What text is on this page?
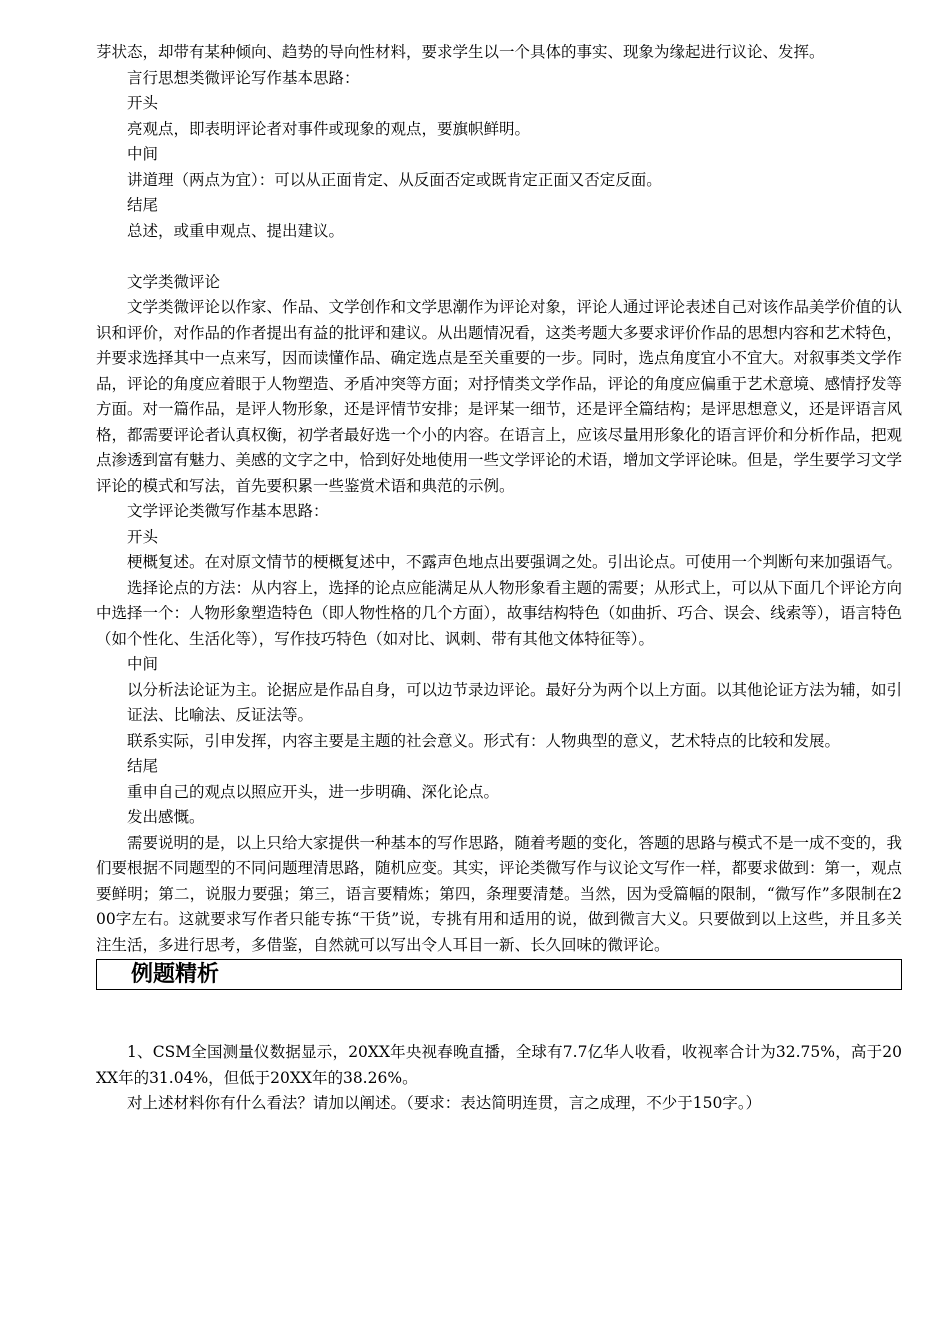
芽状态，却带有某种倾向、趋势的导向性材料，要求学生以一个具体的事实、现象为缘起进行议论、发挥。

言行思想类微评论写作基本思路：

开头

亮观点，即表明评论者对事件或现象的观点，要旗帜鲜明。

中间

讲道理（两点为宜）：可以从正面肯定、从反面否定或既肯定正面又否定反面。

结尾

总述，或重申观点、提出建议。

文学类微评论

文学类微评论以作家、作品、文学创作和文学思潮作为评论对象，评论人通过评论表述自己对该作品美学价值的认识和评价，对作品的作者提出有益的批评和建议。从出题情况看，这类考题大多要求评价作品的思想内容和艺术特色，并要求选择其中一点来写，因而读懂作品、确定选点是至关重要的一步。同时，选点角度宜小不宜大。对叙事类文学作品，评论的角度应着眼于人物塑造、矛盾冲突等方面；对抒情类文学作品，评论的角度应偏重于艺术意境、感情抒发等方面。对一篇作品，是评人物形象，还是评情节安排；是评某一细节，还是评全篇结构；是评思想意义，还是评语言风格，都需要评论者认真权衡，初学者最好选一个小的内容。在语言上，应该尽量用形象化的语言评价和分析作品，把观点渗透到富有魅力、美感的文字之中，恰到好处地使用一些文学评论的术语，增加文学评论味。但是，学生要学习文学评论的模式和写法，首先要积累一些鉴赏术语和典范的示例。

文学评论类微写作基本思路：

开头

梗概复述。在对原文情节的梗概复述中，不露声色地点出要强调之处。引出论点。可使用一个判断句来加强语气。

选择论点的方法：从内容上，选择的论点应能满足从人物形象看主题的需要；从形式上，可以从下面几个评论方向中选择一个：人物形象塑造特色（即人物性格的几个方面），故事结构特色（如曲折、巧合、误会、线索等），语言特色（如个性化、生活化等），写作技巧特色（如对比、讽刺、带有其他文体特征等）。

中间

以分析法论证为主。论据应是作品自身，可以边节录边评论。最好分为两个以上方面。以其他论证方法为辅，如引证法、比喻法、反证法等。

联系实际，引申发挥，内容主要是主题的社会意义。形式有：人物典型的意义，艺术特点的比较和发展。

结尾

重申自己的观点以照应开头，进一步明确、深化论点。

发出感慨。

需要说明的是，以上只给大家提供一种基本的写作思路，随着考题的变化，答题的思路与模式不是一成不变的，我们要根据不同题型的不同问题理清思路，随机应变。其实，评论类微写作与议论文写作一样，都要求做到：第一，观点要鲜明；第二，说服力要强；第三，语言要精炼；第四，条理要清楚。当然，因为受篇幅的限制，“微写作”多限制在200字左右。这就要求写作者只能专拣“干货”说，专挑有用和适用的说，做到微言大义。只要做到以上这些，并且多关注生活，多进行思考，多借鉴，自然就可以写出令人耳目一新、长久回味的微评论。

例题精析

1、CSM全国测量仪数据显示，20XX年央视春晚直播，全球有7.7亿华人收看，收视率合计为32.75%，高于20XX年的31.04%，但低于20XX年的38.26%。

对上述材料你有什么看法？请加以阐述。（要求：表达简明连贯，言之成理，不少于150字。）
